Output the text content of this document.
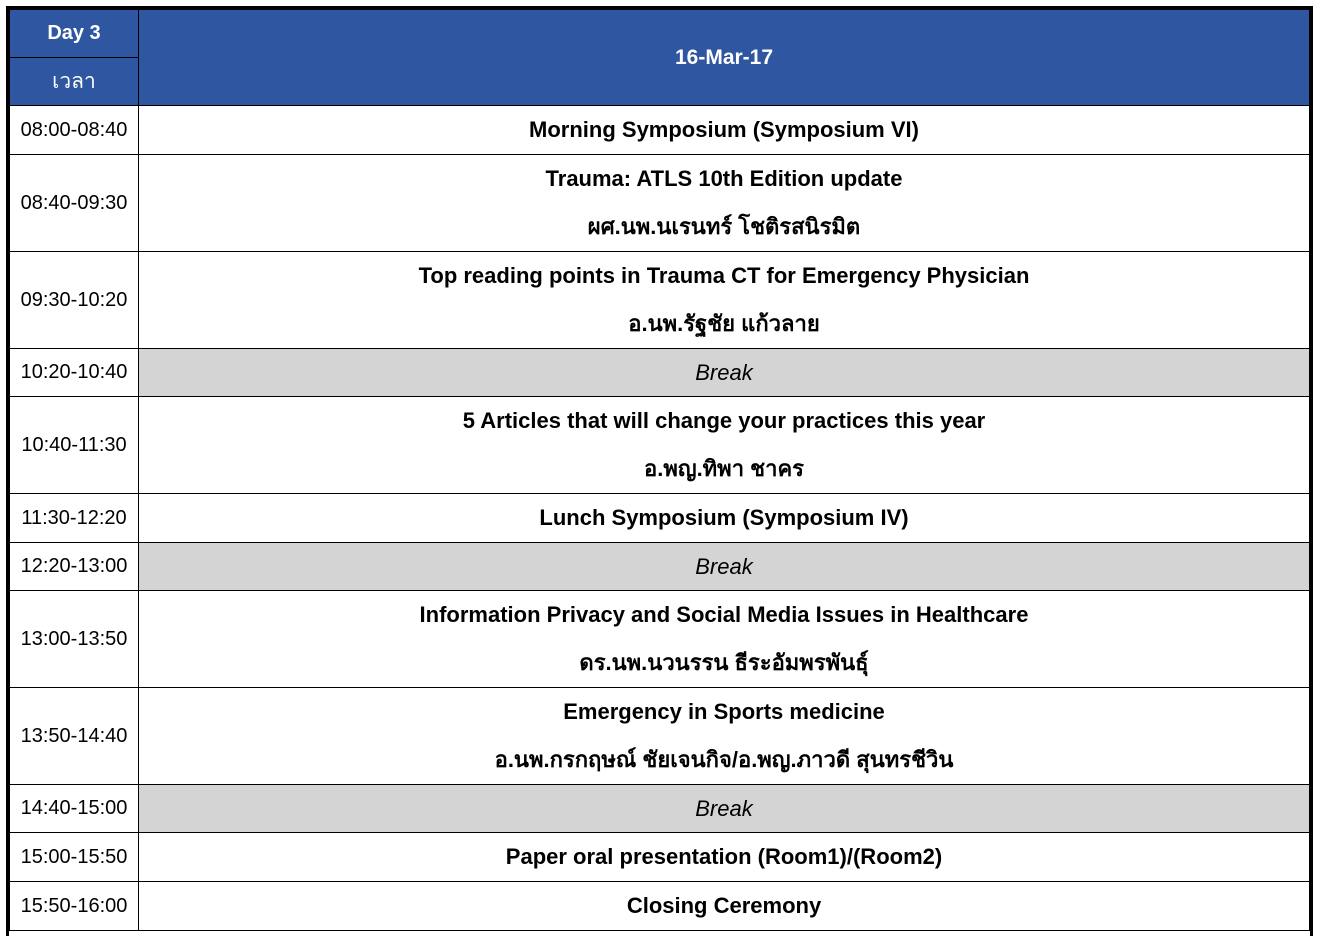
Day 3	16-Mar-17
เวลา	
08:00-08:40	Morning Symposium (Symposium VI)

08:40-09:30	Trauma: ATLS 10th Edition update
ผศ.นพ.นเรนทร์ โชติรสนิรมิต

09:30-10:20	Top reading points in Trauma CT for Emergency Physician
อ.นพ.รัฐชัย แก้วลาย

10:20-10:40	Break
10:40-11:30	5 Articles that will change your practices this year
อ.พญ.ทิพา ชาคร

11:30-12:20	Lunch Symposium (Symposium IV)

12:20-13:00	Break
13:00-13:50	Information Privacy and Social Media Issues in Healthcare
ดร.นพ.นวนรรน ธีระอัมพรพันธุ์

13:50-14:40	Emergency in Sports medicine
อ.นพ.กรกฤษณ์ ชัยเจนกิจ/อ.พญ.ภาวดี สุนทรชีวิน

14:40-15:00	Break
15:00-15:50	Paper oral presentation (Room1)/(Room2)

15:50-16:00	Closing Ceremony
